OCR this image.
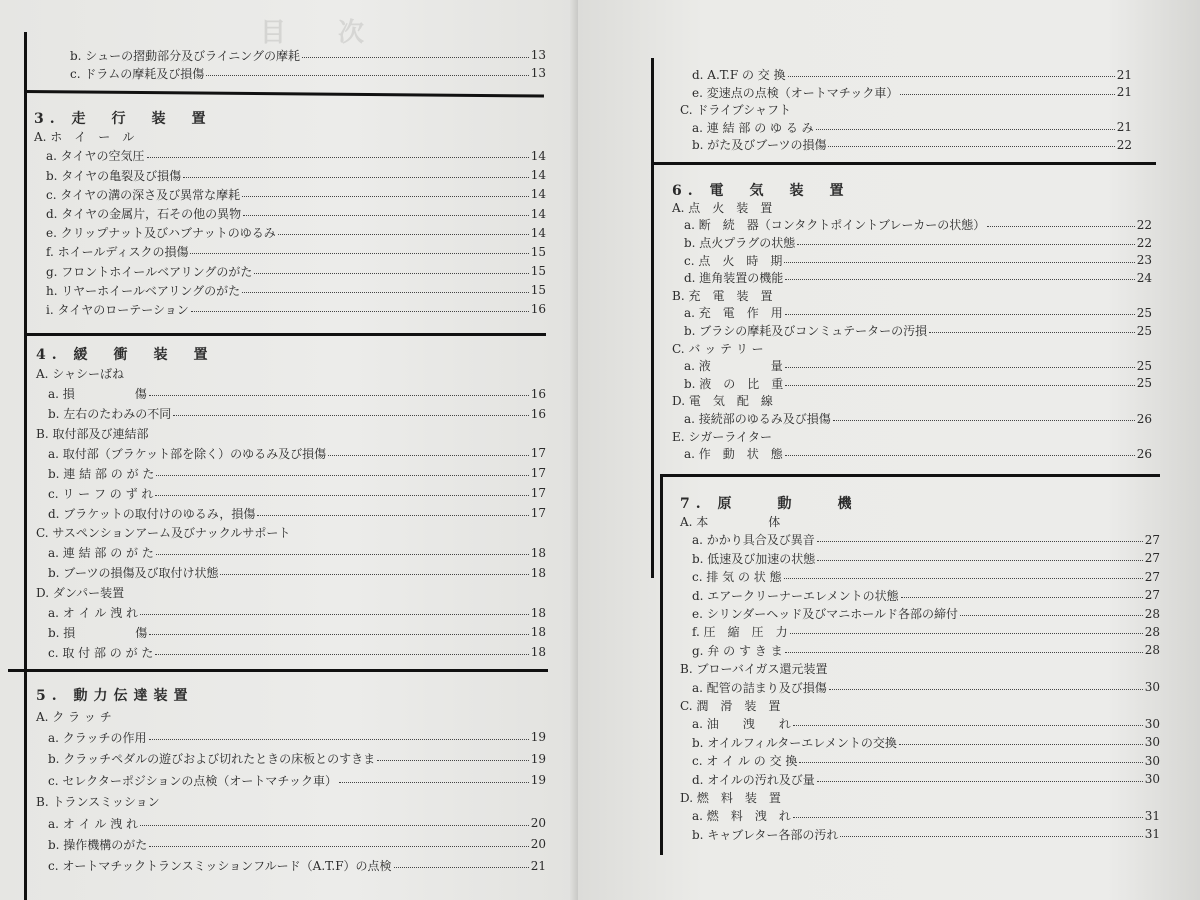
目　　次
b. シューの摺動部分及びライニングの摩耗	13
c. ドラムの摩耗及び損傷	13
3. 走　行　装　置
A. ホ　イ　ー　ル
a. タイヤの空気圧	14
b. タイヤの亀裂及び損傷	14
c. タイヤの溝の深さ及び異常な摩耗	14
d. タイヤの金属片，石その他の異物	14
e. クリップナット及びハブナットのゆるみ	14
f. ホイールディスクの損傷	15
g. フロントホイールベアリングのがた	15
h. リヤーホイールベアリングのがた	15
i. タイヤのローテーション	16
4. 緩　衝　装　置
A. シャシーばね
a. 損　　　　　傷	16
b. 左右のたわみの不同	16
B. 取付部及び連結部
a. 取付部（ブラケット部を除く）のゆるみ及び損傷	17
b. 連 結 部 の が た	17
c. リ ー フ の ず れ	17
d. ブラケットの取付けのゆるみ，損傷	17
C. サスペンションアーム及びナックルサポート
a. 連 結 部 の が た	18
b. ブーツの損傷及び取付け状態	18
D. ダンパー装置
a. オ イ ル 洩 れ	18
b. 損　　　　　傷	18
c. 取 付 部 の が た	18
5. 動力伝達装置
A. ク ラ ッ チ
a. クラッチの作用	19
b. クラッチペダルの遊びおよび切れたときの床板とのすきま	19
c. セレクターポジションの点検（オートマチック車）	19
B. トランスミッション
a. オ イ ル 洩 れ	20
b. 操作機構のがた	20
c. オートマチックトランスミッションフルード（A.T.F）の点検	21
d. A.T.F の 交 換	21
e. 変速点の点検（オートマチック車）	21
C. ドライブシャフト
a. 連 結 部 の ゆ る み	21
b. がた及びブーツの損傷	22
6. 電　気　装　置
A. 点　火　装　置
a. 断　続　器（コンタクトポイントブレーカーの状態）	22
b. 点火プラグの状態	22
c. 点　火　時　期	23
d. 進角装置の機能	24
B. 充　電　装　置
a. 充　電　作　用	25
b. ブラシの摩耗及びコンミュテーターの汚損	25
C. バ ッ テ リ ー
a. 液　　　　　量	25
b. 液　の　比　重	25
D. 電　気　配　線
a. 接続部のゆるみ及び損傷	26
E. シガーライター
a. 作　動　状　態	26
7. 原　　動　　機
A. 本　　　　　体
a. かかり具合及び異音	27
b. 低速及び加速の状態	27
c. 排 気 の 状 態	27
d. エアークリーナーエレメントの状態	27
e. シリンダーヘッド及びマニホールド各部の締付	28
f. 圧　縮　圧　力	28
g. 弁 の す き ま	28
B. ブローバイガス還元装置
a. 配管の詰まり及び損傷	30
C. 潤　滑　装　置
a. 油　　洩　　れ	30
b. オイルフィルターエレメントの交換	30
c. オ イ ル の 交 換	30
d. オイルの汚れ及び量	30
D. 燃　料　装　置
a. 燃　料　洩　れ	31
b. キャブレター各部の汚れ	31
